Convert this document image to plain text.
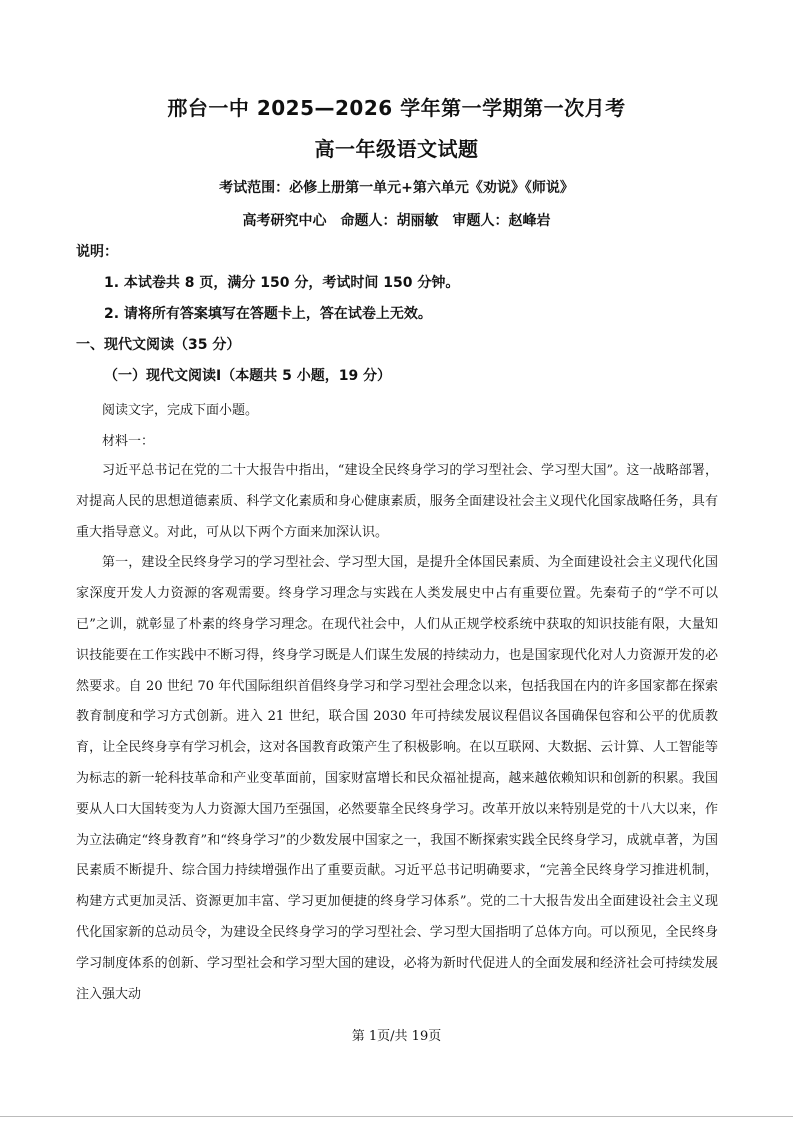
邢台一中 2025—2026 学年第一学期第一次月考
高一年级语文试题
考试范围：必修上册第一单元+第六单元《劝说》《师说》
高考研究中心　命题人：胡丽敏　审题人：赵峰岩
说明：
1. 本试卷共 8 页，满分 150 分，考试时间 150 分钟。
2. 请将所有答案填写在答题卡上，答在试卷上无效。
一、现代文阅读（35 分）
（一）现代文阅读Ⅰ（本题共 5 小题，19 分）
阅读文字，完成下面小题。
材料一：

习近平总书记在党的二十大报告中指出，“建设全民终身学习的学习型社会、学习型大国”。这一战略部署，对提高人民的思想道德素质、科学文化素质和身心健康素质，服务全面建设社会主义现代化国家战略任务，具有重大指导意义。对此，可从以下两个方面来加深认识。

第一，建设全民终身学习的学习型社会、学习型大国，是提升全体国民素质、为全面建设社会主义现代化国家深度开发人力资源的客观需要。终身学习理念与实践在人类发展史中占有重要位置。先秦荀子的“学不可以已”之训，就彰显了朴素的终身学习理念。在现代社会中，人们从正规学校系统中获取的知识技能有限，大量知识技能要在工作实践中不断习得，终身学习既是人们谋生发展的持续动力，也是国家现代化对人力资源开发的必然要求。自 20 世纪 70 年代国际组织首倡终身学习和学习型社会理念以来，包括我国在内的许多国家都在探索教育制度和学习方式创新。进入 21 世纪，联合国 2030 年可持续发展议程倡议各国确保包容和公平的优质教育，让全民终身享有学习机会，这对各国教育政策产生了积极影响。在以互联网、大数据、云计算、人工智能等为标志的新一轮科技革命和产业变革面前，国家财富增长和民众福祉提高，越来越依赖知识和创新的积累。我国要从人口大国转变为人力资源大国乃至强国，必然要靠全民终身学习。改革开放以来特别是党的十八大以来，作为立法确定“终身教育”和“终身学习”的少数发展中国家之一，我国不断探索实践全民终身学习，成就卓著，为国民素质不断提升、综合国力持续增强作出了重要贡献。习近平总书记明确要求，“完善全民终身学习推进机制，构建方式更加灵活、资源更加丰富、学习更加便捷的终身学习体系”。党的二十大报告发出全面建设社会主义现代化国家新的总动员令，为建设全民终身学习的学习型社会、学习型大国指明了总体方向。可以预见，全民终身学习制度体系的创新、学习型社会和学习型大国的建设，必将为新时代促进人的全面发展和经济社会可持续发展注入强大动

第 1页/共 19页
